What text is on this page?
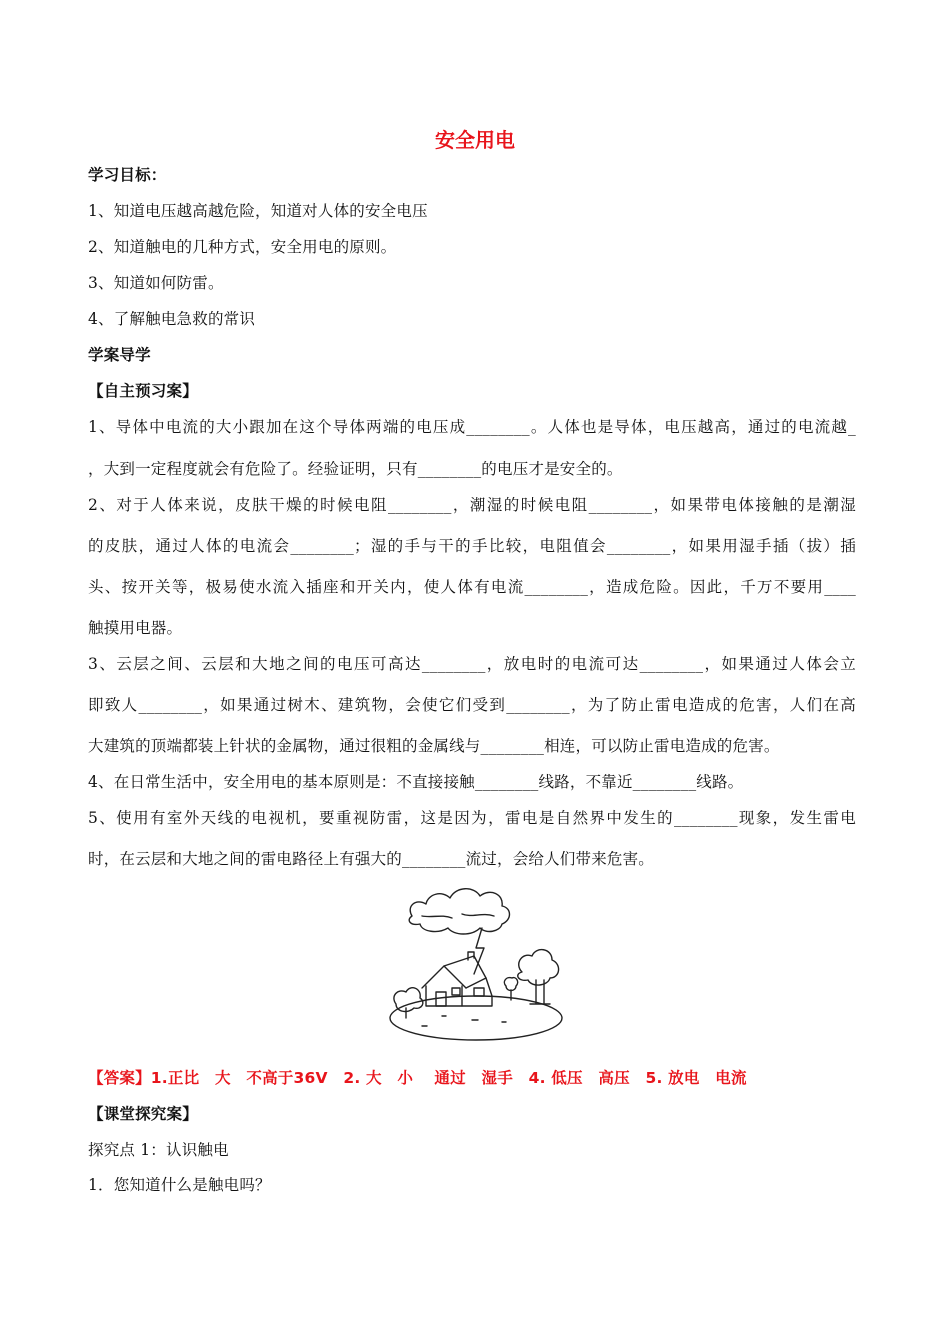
安全用电
学习目标：
1、知道电压越高越危险，知道对人体的安全电压
2、知道触电的几种方式，安全用电的原则。
3、知道如何防雷。
4、了解触电急救的常识
学案导学
【自主预习案】
1、导体中电流的大小跟加在这个导体两端的电压成________。人体也是导体，电压越高，通过的电流越_
，大到一定程度就会有危险了。经验证明，只有________的电压才是安全的。
2、对于人体来说，皮肤干燥的时候电阻________，潮湿的时候电阻________，如果带电体接触的是潮湿
的皮肤，通过人体的电流会________；湿的手与干的手比较，电阻值会________，如果用湿手插（拔）插
头、按开关等，极易使水流入插座和开关内，使人体有电流________，造成危险。因此，千万不要用____
触摸用电器。
3、云层之间、云层和大地之间的电压可高达________，放电时的电流可达________，如果通过人体会立
即致人________，如果通过树木、建筑物，会使它们受到________，为了防止雷电造成的危害，人们在高
大建筑的顶端都装上针状的金属物，通过很粗的金属线与________相连，可以防止雷电造成的危害。
4、在日常生活中，安全用电的基本原则是：不直接接触________线路，不靠近________线路。
5、使用有室外天线的电视机，要重视防雷，这是因为，雷电是自然界中发生的________现象，发生雷电
时，在云层和大地之间的雷电路径上有强大的________流过，会给人们带来危害。
【答案】1.正比　大　不高于36V　2. 大　小　 通过　湿手　4. 低压　高压　5. 放电　电流
【课堂探究案】
探究点 1：认识触电
1．您知道什么是触电吗？
